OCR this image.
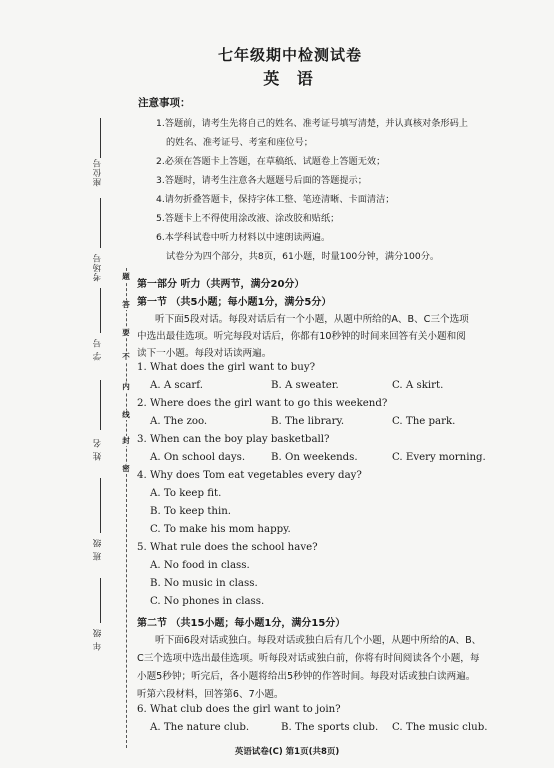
座位号
考场号
学 号
姓 名
班 级
年 级
题
答
要
不
内
线
封
密
七年级期中检测试卷
英 语
注意事项：
1.答题前，请考生先将自己的姓名、准考证号填写清楚，并认真核对条形码上
的姓名、准考证号、考室和座位号；
2.必须在答题卡上答题，在草稿纸、试题卷上答题无效；
3.答题时，请考生注意各大题题号后面的答题提示；
4.请勿折叠答题卡，保持字体工整、笔迹清晰、卡面清洁；
5.答题卡上不得使用涂改液、涂改胶和贴纸；
6.本学科试卷中听力材料以中速朗读两遍。
试卷分为四个部分，共8页，61小题，时量100分钟，满分100分。
第一部分 听力（共两节，满分20分）
第一节 （共5小题；每小题1分，满分5分）
听下面5段对话。每段对话后有一个小题，从题中所给的A、B、C三个选项
中选出最佳选项。听完每段对话后，你都有10秒钟的时间来回答有关小题和阅
读下一小题。每段对话读两遍。
1. What does the girl want to buy?
A. A scarf.	B. A sweater.	C. A skirt.
2. Where does the girl want to go this weekend?
A. The zoo.	B. The library.	C. The park.
3. When can the boy play basketball?
A. On school days.	B. On weekends.	C. Every morning.
4. Why does Tom eat vegetables every day?
A. To keep fit.
B. To keep thin.
C. To make his mom happy.
5. What rule does the school have?
A. No food in class.
B. No music in class.
C. No phones in class.
第二节 （共15小题；每小题1分，满分15分）
听下面6段对话或独白。每段对话或独白后有几个小题，从题中所给的A、B、
C三个选项中选出最佳选项。听每段对话或独白前，你将有时间阅读各个小题，每
小题5秒钟；听完后，各小题将给出5秒钟的作答时间。每段对话或独白读两遍。
听第六段材料，回答第6、7小题。
6. What club does the girl want to join?
A. The nature club.	B. The sports club. C. The music club.
英语试卷(C) 第1页(共8页)
